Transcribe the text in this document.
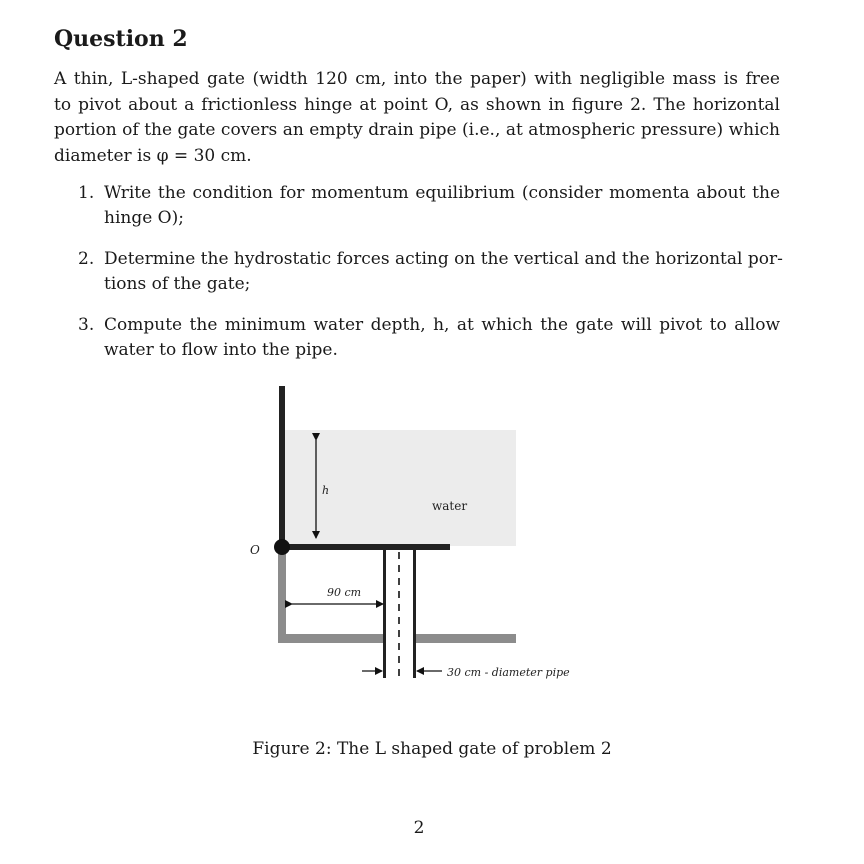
Question 2

A thin, L-shaped gate (width 120 cm, into the paper) with negligible mass is free
to pivot about a frictionless hinge at point O, as shown in figure 2. The horizontal
portion of the gate covers an empty drain pipe (i.e., at atmospheric pressure) which
diameter is φ = 30 cm.

1. Write the condition for momentum equilibrium (consider momenta about the
hinge O);
2. Determine the hydrostatic forces acting on the vertical and the horizontal por-
tions of the gate;
3. Compute the minimum water depth, h, at which the gate will pivot to allow
water to flow into the pipe.
h
water
O
90 cm
30 cm - diameter pipe
Figure 2: The L shaped gate of problem 2
2
